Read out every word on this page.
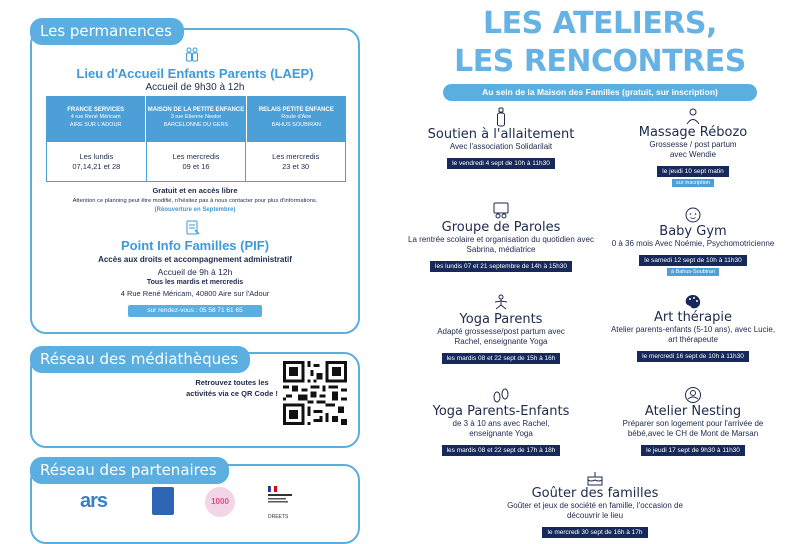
Les permanences
Lieu d'Accueil Enfants Parents (LAEP)
Accueil de 9h30 à 12h
FRANCE SERVICES
4 rue René Méricam
AIRE SUR L'ADOUR
MAISON DE LA PETITE ENFANCE
3 rue Etienne Nestor
BARCELONNE DU GERS
RELAIS PETITE ENFANCE
Route d'Aire
BAHUS SOUBIRAN
Les lundis
07,14,21 et 28
Les mercredis
09 et 16
Les mercredis
23 et 30
Gratuit et en accès libre
Attention ce planning peut être modifié, n'hésitez pas à nous contacter pour plus d'informations.
(Réouverture en Septembre)
Point Info Familles (PIF)
Accès aux droits et accompagnement administratif
Accueil de 9h à 12h
Tous les mardis et mercredis
4 Rue René Méricam, 40800 Aire sur l'Adour
sur rendez-vous : 05 58 71 61 65
Réseau des médiathèques
Retrouvez toutes les activités via ce QR Code !
Réseau des partenaires
ars	1000
DREETS
LES ATELIERS,
LES RENCONTRES
Au sein de la Maison des Familles (gratuit, sur inscription)
Soutien à l'allaitement
Avec l'association Solidarilait
le vendredi 4 sept de 10h à 11h30
Massage Rébozo
Grossesse / post partum avec Wendie
le jeudi 10 sept matin
sur inscription
Groupe de Paroles
La rentrée scolaire et organisation du quotidien avec Sabrina, médiatrice
les lundis 07 et 21 septembre de 14h à 15h30
Baby Gym
0 à 36 mois Avec Noémie, Psychomotricienne
le samedi 12 sept de 10h à 11h30
à Bahus-Soubiran
Yoga Parents
Adapté grossesse/post partum avec Rachel, enseignante Yoga
les mardis 08 et 22 sept de 15h à 16h
Art thérapie
Atelier parents-enfants (5-10 ans), avec Lucie, art thérapeute
le mercredi 16 sept de 10h à 11h30
Yoga Parents-Enfants
de 3 à 10 ans avec Rachel, enseignante Yoga
les mardis 08 et 22 sept de 17h à 18h
Atelier Nesting
Préparer son logement pour l'arrivée de bébé,avec le CH de Mont de Marsan
le jeudi 17 sept de 9h30 à 11h30
Goûter des familles
Goûter et jeux de société en famille, l'occasion de découvrir le lieu
le mercredi 30 sept de 16h à 17h
